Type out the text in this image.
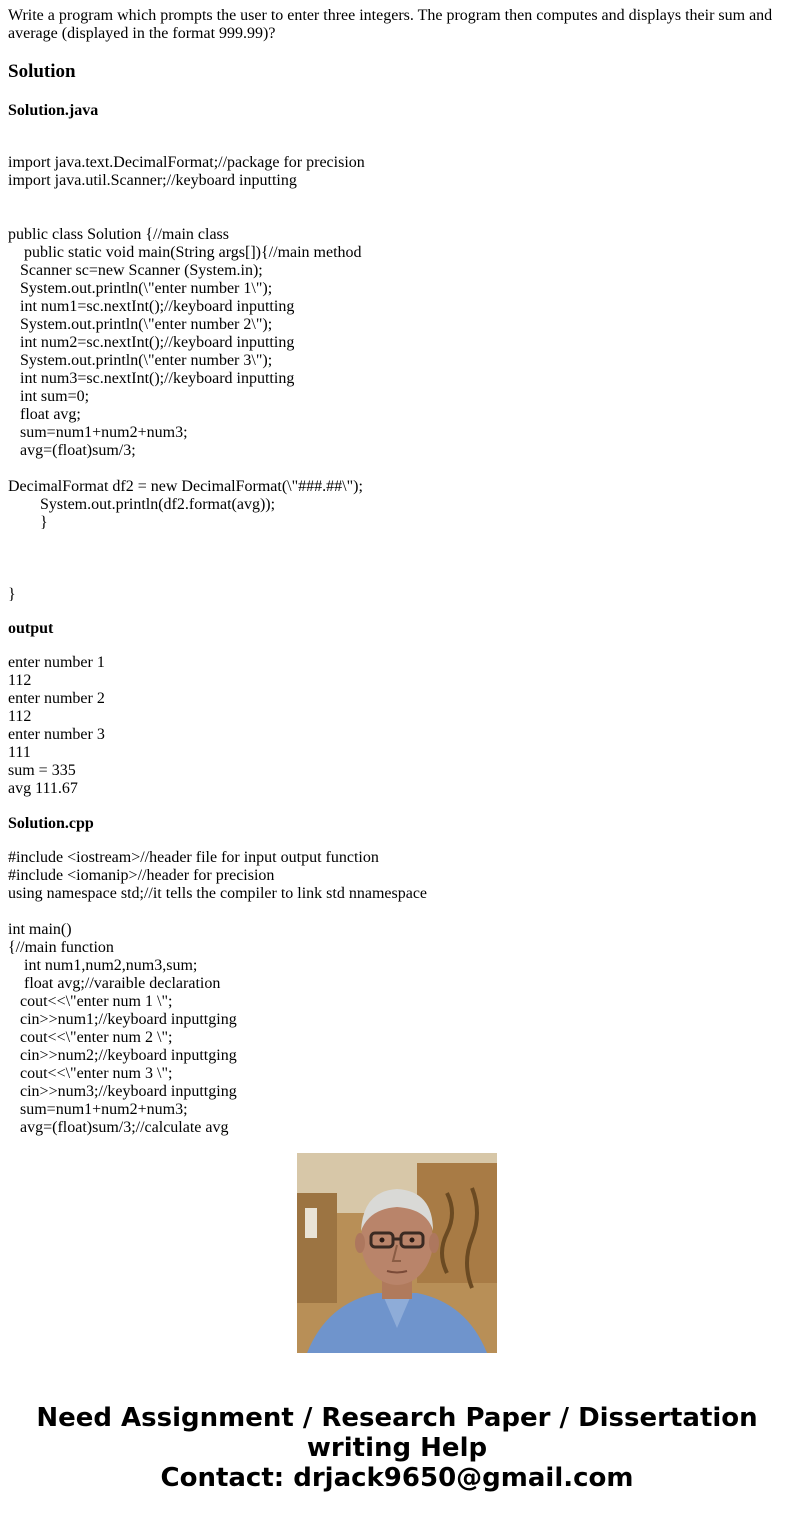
Write a program which prompts the user to enter three integers. The program then computes and displays their sum and average (displayed in the format 999.99)?
Solution
Solution.java
import java.text.DecimalFormat;//package for precision
import java.util.Scanner;//keyboard inputting

public class Solution {//main class
public static void main(String args[]){//main method
Scanner sc=new Scanner (System.in);
System.out.println(\"enter number 1\");
int num1=sc.nextInt();//keyboard inputting
System.out.println(\"enter number 2\");
int num2=sc.nextInt();//keyboard inputting
System.out.println(\"enter number 3\");
int num3=sc.nextInt();//keyboard inputting
int sum=0;
float avg;
sum=num1+num2+num3;
avg=(float)sum/3;

DecimalFormat df2 = new DecimalFormat(\"###.##\");
System.out.println(df2.format(avg));
}

}
output
enter number 1
112
enter number 2
112
enter number 3
111
sum = 335
avg 111.67
Solution.cpp
#include <iostream>//header file for input output function
#include <iomanip>//header for precision
using namespace std;//it tells the compiler to link std nnamespace

int main()
{//main function
int num1,num2,num3,sum;
float avg;//varaible declaration
cout<<\"enter num 1 \";
cin>>num1;//keyboard inputtging
cout<<\"enter num 2 \";
cin>>num2;//keyboard inputtging
cout<<\"enter num 3 \";
cin>>num3;//keyboard inputtging
sum=num1+num2+num3;
avg=(float)sum/3;//calculate avg
Need Assignment / Research Paper / Dissertation
writing Help
Contact: drjack9650@gmail.com
